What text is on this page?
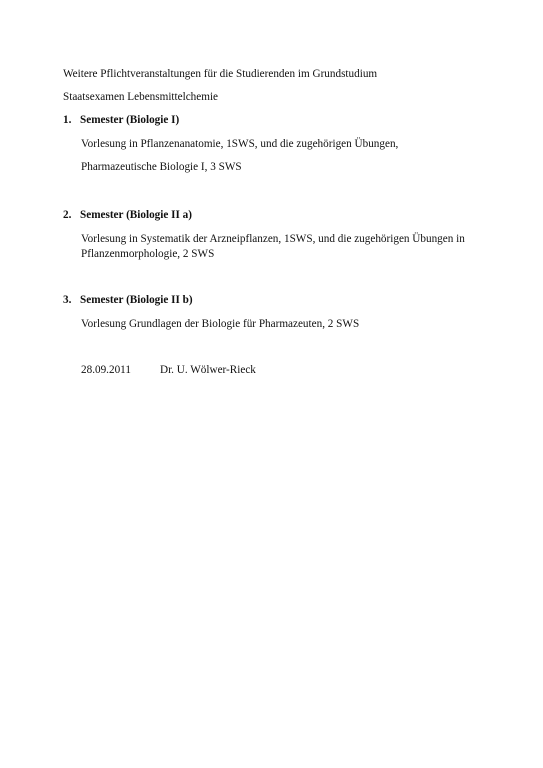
Weitere Pflichtveranstaltungen für die Studierenden im Grundstudium
Staatsexamen Lebensmittelchemie
1. Semester (Biologie I)
Vorlesung in Pflanzenanatomie, 1SWS, und die zugehörigen Übungen,
Pharmazeutische Biologie I, 3 SWS
2. Semester (Biologie II a)
Vorlesung in Systematik der Arzneipflanzen, 1SWS, und die zugehörigen Übungen in
Pflanzenmorphologie, 2 SWS
3. Semester (Biologie II b)
Vorlesung Grundlagen der Biologie für Pharmazeuten, 2 SWS
28.09.2011	Dr. U. Wölwer-Rieck
